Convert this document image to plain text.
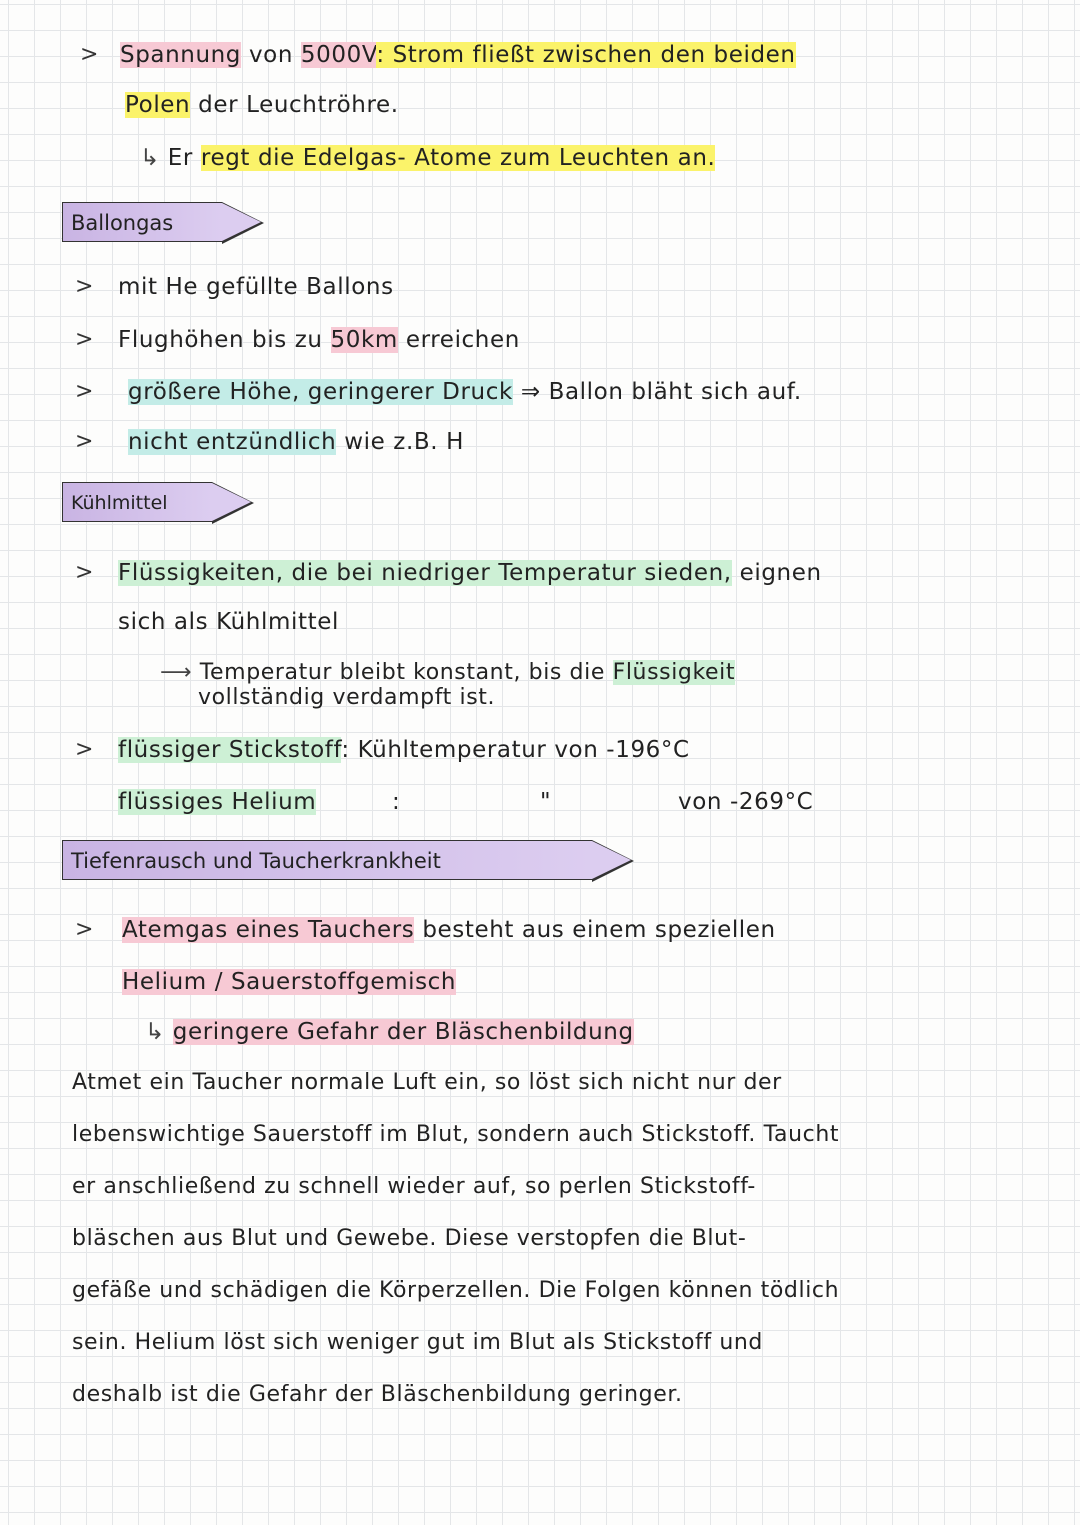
> Spannung von 5000V: Strom fließt zwischen den beiden
Polen der Leuchtröhre.
↳ Er regt die Edelgas- Atome zum Leuchten an.
Ballongas
> mit He gefüllte Ballons
> Flughöhen bis zu 50km erreichen
> größere Höhe, geringerer Druck ⇒ Ballon bläht sich auf.
> nicht entzündlich wie z.B. H
Kühlmittel
> Flüssigkeiten, die bei niedriger Temperatur sieden, eignen
sich als Kühlmittel
⟶ Temperatur bleibt konstant, bis die Flüssigkeit
vollständig verdampft ist.
> flüssiger Stickstoff: Kühltemperatur von -196°C
flüssiges Helium	:	"	von -269°C
Tiefenrausch und Taucherkrankheit
> Atemgas eines Tauchers besteht aus einem speziellen
Helium / Sauerstoffgemisch
↳ geringere Gefahr der Bläschenbildung
Atmet ein Taucher normale Luft ein, so löst sich nicht nur der
lebenswichtige Sauerstoff im Blut, sondern auch Stickstoff. Taucht
er anschließend zu schnell wieder auf, so perlen Stickstoff-
bläschen aus Blut und Gewebe. Diese verstopfen die Blut-
gefäße und schädigen die Körperzellen. Die Folgen können tödlich
sein. Helium löst sich weniger gut im Blut als Stickstoff und
deshalb ist die Gefahr der Bläschenbildung geringer.
